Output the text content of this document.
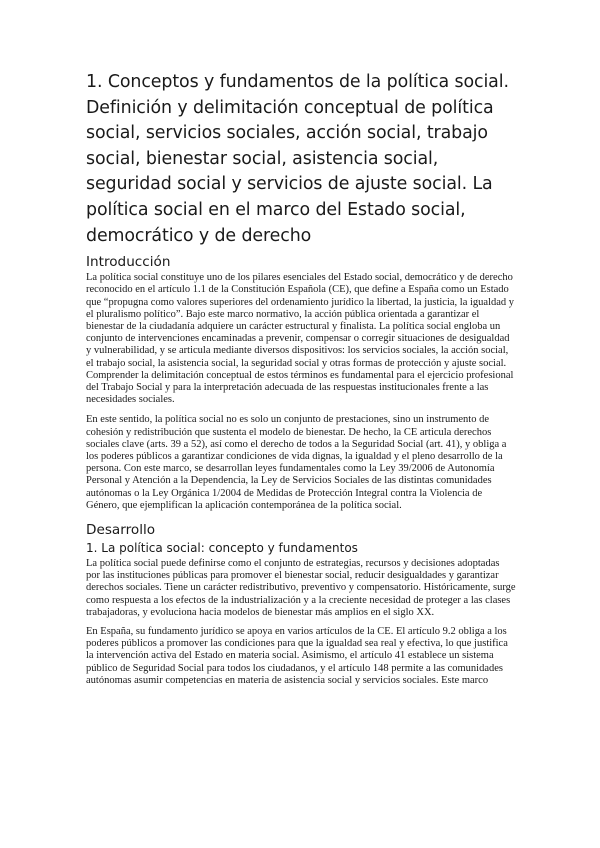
1. Conceptos y fundamentos de la política social. Definición y delimitación conceptual de política social, servicios sociales, acción social, trabajo social, bienestar social, asistencia social, seguridad social y servicios de ajuste social. La política social en el marco del Estado social, democrático y de derecho
Introducción

La política social constituye uno de los pilares esenciales del Estado social, democrático y de derecho reconocido en el artículo 1.1 de la Constitución Española (CE), que define a España como un Estado que “propugna como valores superiores del ordenamiento jurídico la libertad, la justicia, la igualdad y el pluralismo político”. Bajo este marco normativo, la acción pública orientada a garantizar el bienestar de la ciudadanía adquiere un carácter estructural y finalista. La política social engloba un conjunto de intervenciones encaminadas a prevenir, compensar o corregir situaciones de desigualdad y vulnerabilidad, y se articula mediante diversos dispositivos: los servicios sociales, la acción social, el trabajo social, la asistencia social, la seguridad social y otras formas de protección y ajuste social. Comprender la delimitación conceptual de estos términos es fundamental para el ejercicio profesional del Trabajo Social y para la interpretación adecuada de las respuestas institucionales frente a las necesidades sociales.

En este sentido, la política social no es solo un conjunto de prestaciones, sino un instrumento de cohesión y redistribución que sustenta el modelo de bienestar. De hecho, la CE articula derechos sociales clave (arts. 39 a 52), así como el derecho de todos a la Seguridad Social (art. 41), y obliga a los poderes públicos a garantizar condiciones de vida dignas, la igualdad y el pleno desarrollo de la persona. Con este marco, se desarrollan leyes fundamentales como la Ley 39/2006 de Autonomía Personal y Atención a la Dependencia, la Ley de Servicios Sociales de las distintas comunidades autónomas o la Ley Orgánica 1/2004 de Medidas de Protección Integral contra la Violencia de Género, que ejemplifican la aplicación contemporánea de la política social.

Desarrollo
1. La política social: concepto y fundamentos

La política social puede definirse como el conjunto de estrategias, recursos y decisiones adoptadas por las instituciones públicas para promover el bienestar social, reducir desigualdades y garantizar derechos sociales. Tiene un carácter redistributivo, preventivo y compensatorio. Históricamente, surge como respuesta a los efectos de la industrialización y a la creciente necesidad de proteger a las clases trabajadoras, y evoluciona hacia modelos de bienestar más amplios en el siglo XX.

En España, su fundamento jurídico se apoya en varios artículos de la CE. El artículo 9.2 obliga a los poderes públicos a promover las condiciones para que la igualdad sea real y efectiva, lo que justifica la intervención activa del Estado en materia social. Asimismo, el artículo 41 establece un sistema público de Seguridad Social para todos los ciudadanos, y el artículo 148 permite a las comunidades autónomas asumir competencias en materia de asistencia social y servicios sociales. Este marco
